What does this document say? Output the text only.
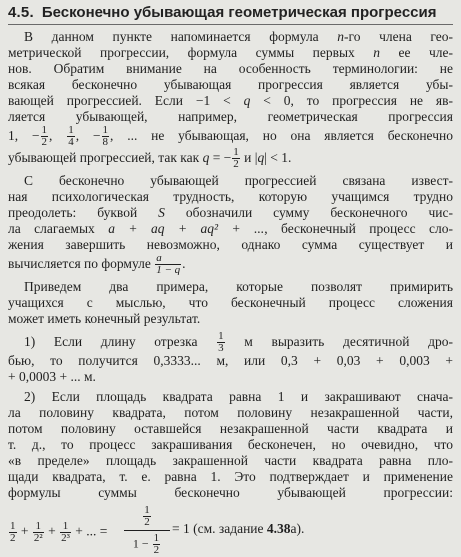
4.5. Бесконечно убывающая геометрическая прогрессия
В данном пункте напоминается формула n-го члена гео-
метрической прогрессии, формула суммы первых n ее чле-
нов. Обратим внимание на особенность терминологии: не
всякая бесконечно убывающая прогрессия является убы-
вающей прогрессией. Если −1 < q < 0, то прогрессия не яв-
ляется убывающей, например, геометрическая прогрессия
1, − $\frac{1}{2}$ , $\frac{1}{4}$ , − $\frac{1}{8}$ , ... не убывающая, но она является бесконечно
убывающей прогрессией, так как q = − $\frac{1}{2}$ и |q| < 1.
С бесконечно убывающей прогрессией связана извест-
ная психологическая трудность, которую учащимся трудно
преодолеть: буквой S обозначили сумму бесконечного чис-
ла слагаемых a + aq + aq² + ..., бесконечный процесс сло-
жения завершить невозможно, однако сумма существует и
вычисляется по формуле $\frac{a}{1 - q}$ .
Приведем два примера, которые позволят примирить
учащихся с мыслью, что бесконечный процесс сложения
может иметь конечный результат.
1) Если длину отрезка $\frac{1}{3}$ м выразить десятичной дро-
бью, то получится 0,3333... м, или 0,3 + 0,03 + 0,003 +
+ 0,0003 + ... м.
2) Если площадь квадрата равна 1 и закрашивают снача-
ла половину квадрата, потом половину незакрашенной части,
потом половину оставшейся незакрашенной части квадрата и
т. д., то процесс закрашивания бесконечен, но очевидно, что
«в пределе» площадь закрашенной части квадрата равна пло-
щади квадрата, т. е. равна 1. Это подтверждает и применение
формулы суммы бесконечно убывающей прогрессии:
$\frac{1}{2} + \frac{1}{\text{2²}} + \frac{1}{\text{2³}}$ + ... =
$\frac{1}{2}$
$1 - \frac{1}{2}$
= 1 (см. задание 4.38а).
